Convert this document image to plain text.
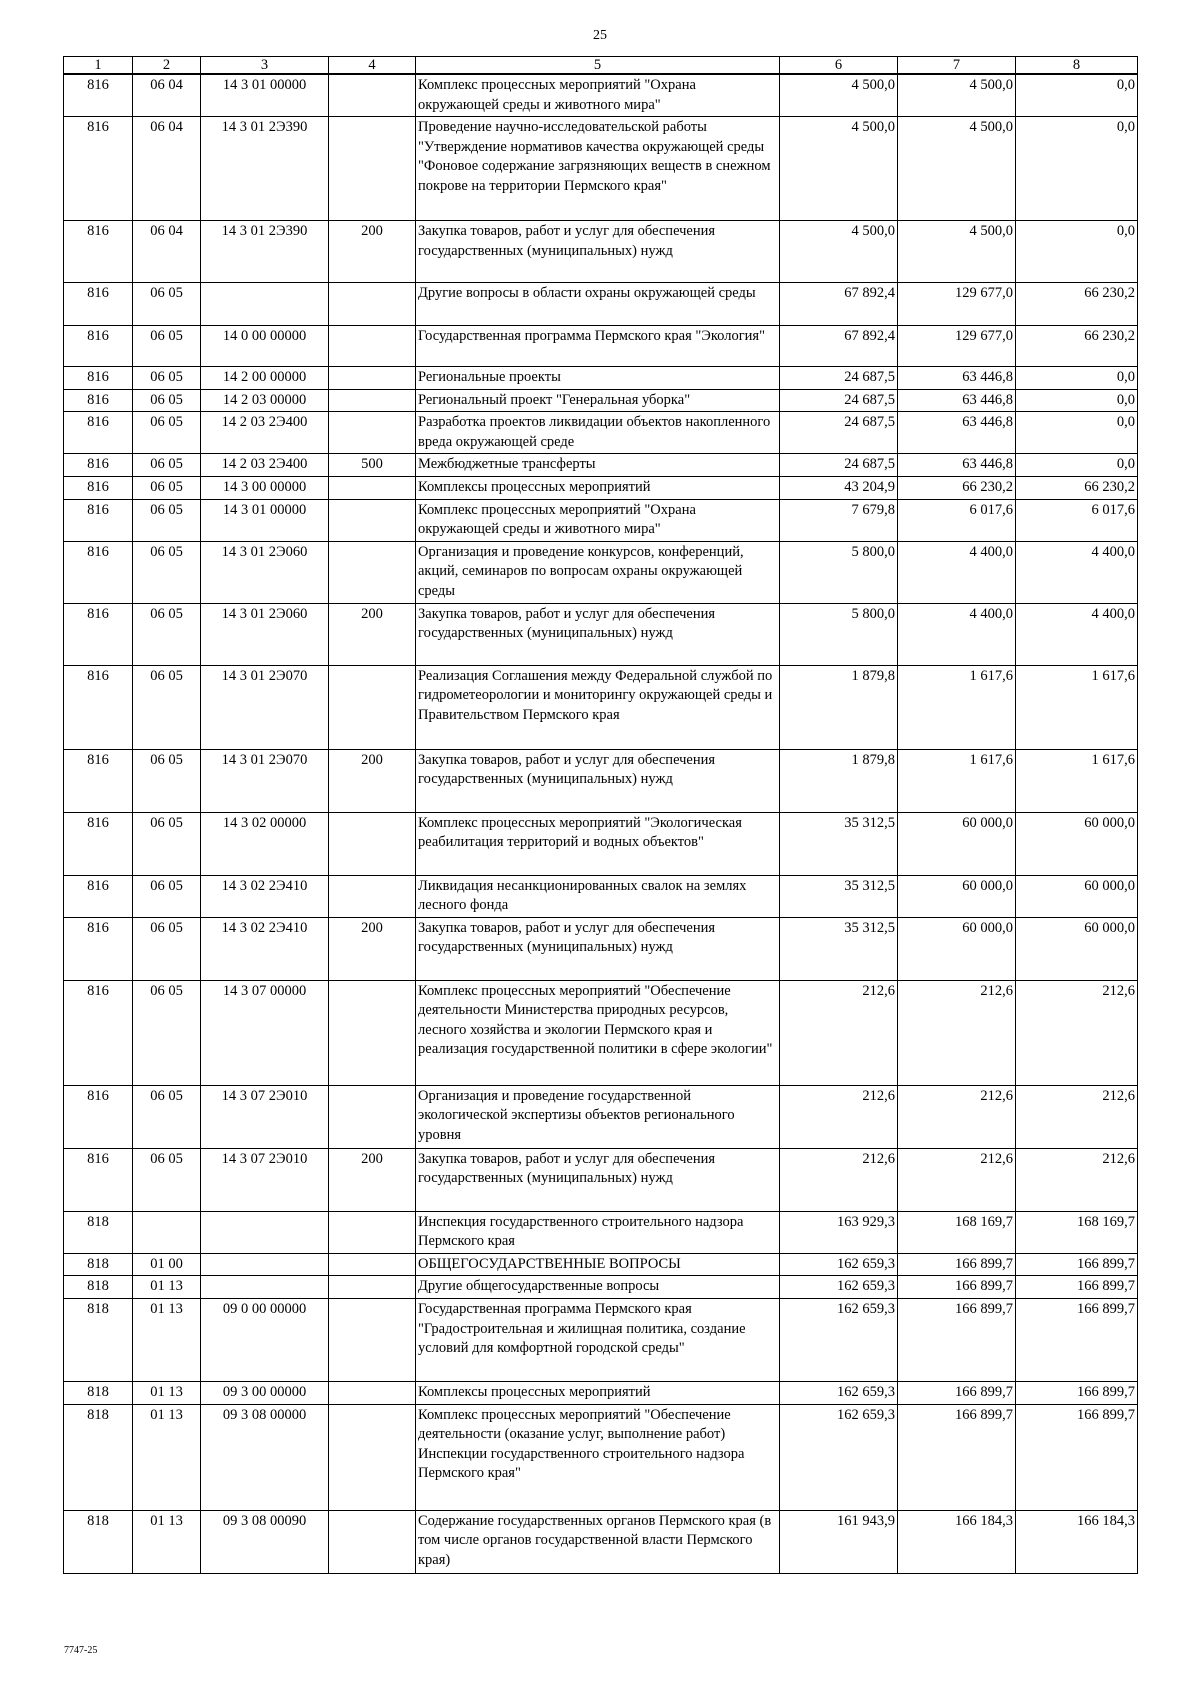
25
1	2	3	4	5	6	7	8
816	06 04	14 3 01 00000		Комплекс процессных мероприятий "Охрана окружающей среды и животного мира"	4 500,0	4 500,0	0,0
816	06 04	14 3 01 2Э390		Проведение научно-исследовательской работы "Утверждение нормативов качества окружающей среды "Фоновое содержание загрязняющих веществ в снежном покрове на территории Пермского края"	4 500,0	4 500,0	0,0
816	06 04	14 3 01 2Э390	200	Закупка товаров, работ и услуг для обеспечения государственных (муниципальных) нужд	4 500,0	4 500,0	0,0
816	06 05			Другие вопросы в области охраны окружающей среды	67 892,4	129 677,0	66 230,2
816	06 05	14 0 00 00000		Государственная программа Пермского края "Экология"	67 892,4	129 677,0	66 230,2
816	06 05	14 2 00 00000		Региональные проекты	24 687,5	63 446,8	0,0
816	06 05	14 2 03 00000		Региональный проект "Генеральная уборка"	24 687,5	63 446,8	0,0
816	06 05	14 2 03 2Э400		Разработка проектов ликвидации объектов накопленного вреда окружающей среде	24 687,5	63 446,8	0,0
816	06 05	14 2 03 2Э400	500	Межбюджетные трансферты	24 687,5	63 446,8	0,0
816	06 05	14 3 00 00000		Комплексы процессных мероприятий	43 204,9	66 230,2	66 230,2
816	06 05	14 3 01 00000		Комплекс процессных мероприятий "Охрана окружающей среды и животного мира"	7 679,8	6 017,6	6 017,6
816	06 05	14 3 01 2Э060		Организация и проведение конкурсов, конференций, акций, семинаров по вопросам охраны окружающей среды	5 800,0	4 400,0	4 400,0
816	06 05	14 3 01 2Э060	200	Закупка товаров, работ и услуг для обеспечения государственных (муниципальных) нужд	5 800,0	4 400,0	4 400,0
816	06 05	14 3 01 2Э070		Реализация Соглашения между Федеральной службой по гидрометеорологии и мониторингу окружающей среды и Правительством Пермского края	1 879,8	1 617,6	1 617,6
816	06 05	14 3 01 2Э070	200	Закупка товаров, работ и услуг для обеспечения государственных (муниципальных) нужд	1 879,8	1 617,6	1 617,6
816	06 05	14 3 02 00000		Комплекс процессных мероприятий "Экологическая реабилитация территорий и водных объектов"	35 312,5	60 000,0	60 000,0
816	06 05	14 3 02 2Э410		Ликвидация несанкционированных свалок на землях лесного фонда	35 312,5	60 000,0	60 000,0
816	06 05	14 3 02 2Э410	200	Закупка товаров, работ и услуг для обеспечения государственных (муниципальных) нужд	35 312,5	60 000,0	60 000,0
816	06 05	14 3 07 00000		Комплекс процессных мероприятий "Обеспечение деятельности Министерства природных ресурсов, лесного хозяйства и экологии Пермского края и реализация государственной политики в сфере экологии"	212,6	212,6	212,6
816	06 05	14 3 07 2Э010		Организация и проведение государственной экологической экспертизы объектов регионального уровня	212,6	212,6	212,6
816	06 05	14 3 07 2Э010	200	Закупка товаров, работ и услуг для обеспечения государственных (муниципальных) нужд	212,6	212,6	212,6
818				Инспекция государственного строительного надзора Пермского края	163 929,3	168 169,7	168 169,7
818	01 00			ОБЩЕГОСУДАРСТВЕННЫЕ ВОПРОСЫ	162 659,3	166 899,7	166 899,7
818	01 13			Другие общегосударственные вопросы	162 659,3	166 899,7	166 899,7
818	01 13	09 0 00 00000		Государственная программа Пермского края "Градостроительная и жилищная политика, создание условий для комфортной городской среды"	162 659,3	166 899,7	166 899,7
818	01 13	09 3 00 00000		Комплексы процессных мероприятий	162 659,3	166 899,7	166 899,7
818	01 13	09 3 08 00000		Комплекс процессных мероприятий "Обеспечение деятельности (оказание услуг, выполнение работ) Инспекции государственного строительного надзора Пермского края"	162 659,3	166 899,7	166 899,7
818	01 13	09 3 08 00090		Содержание государственных органов Пермского края (в том числе органов государственной власти Пермского края)	161 943,9	166 184,3	166 184,3
7747-25
